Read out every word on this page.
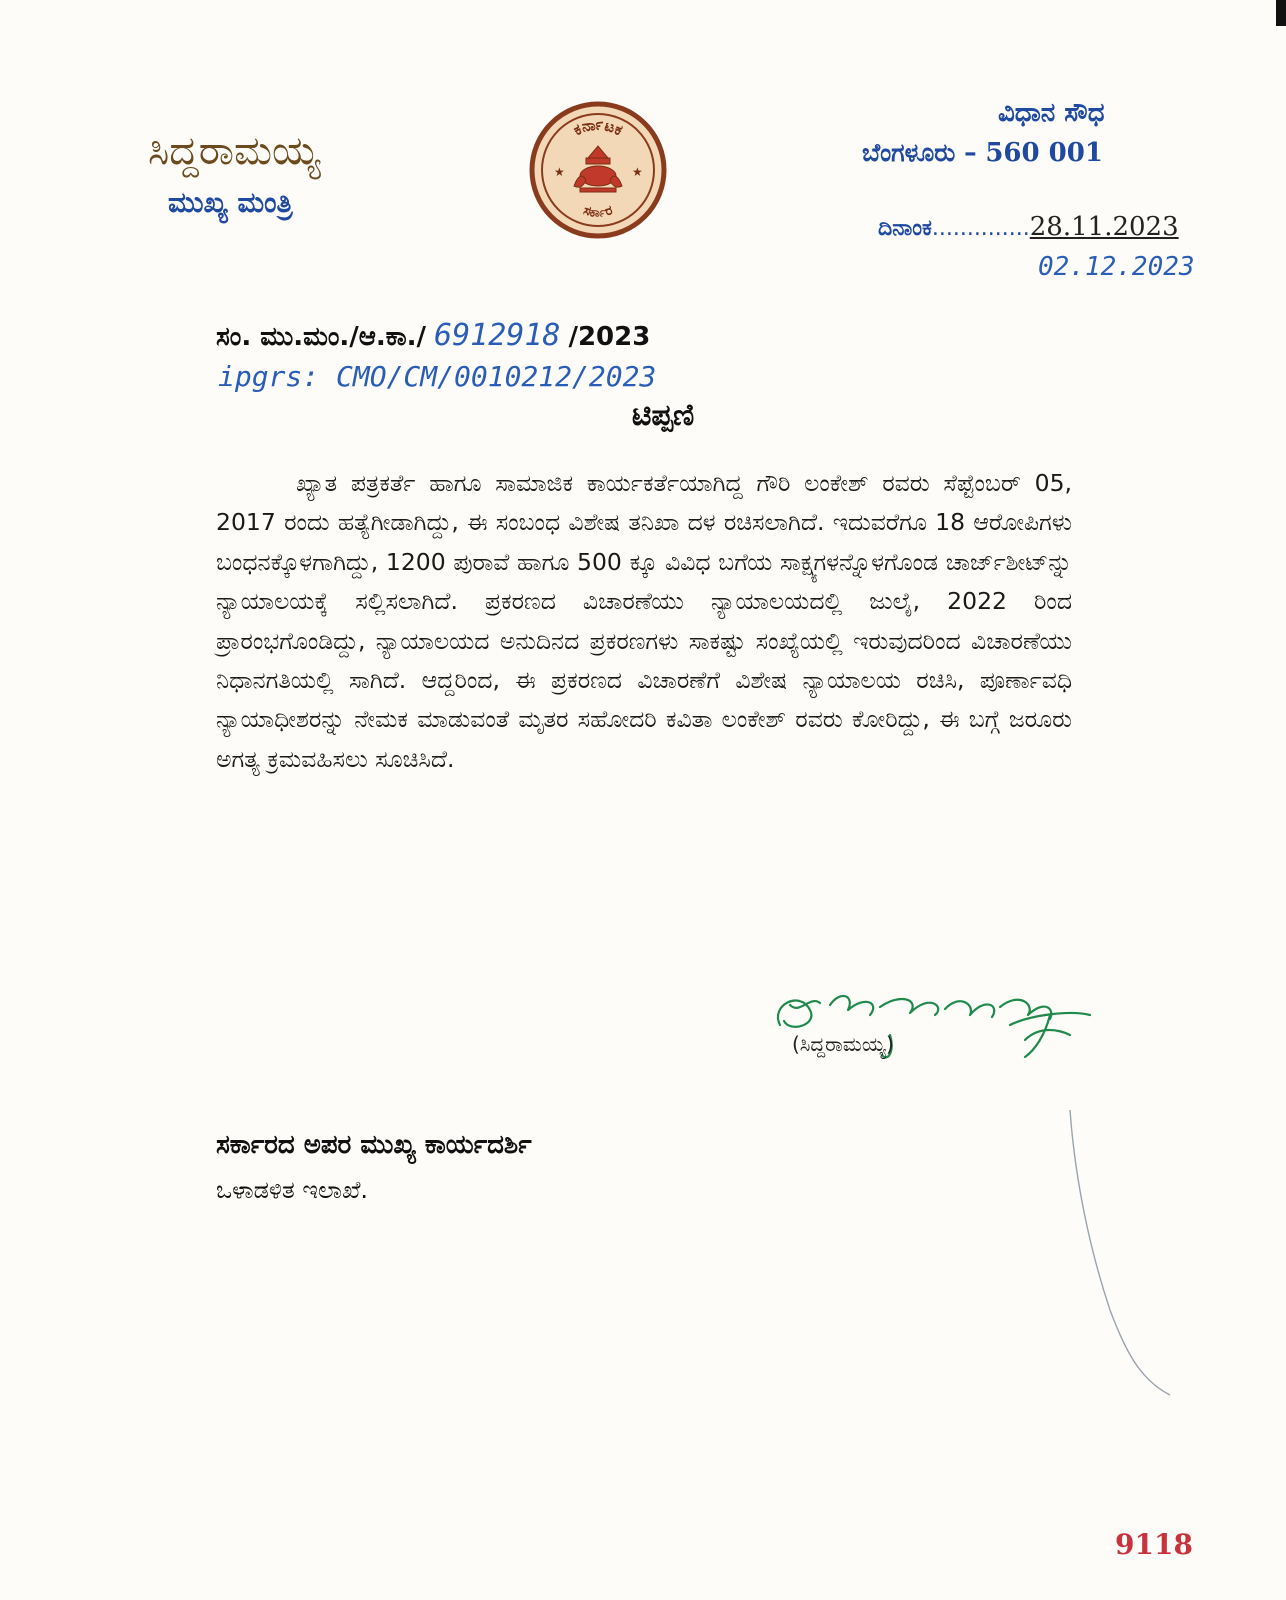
ಸಿದ್ದರಾಮಯ್ಯ
ಮುಖ್ಯ ಮಂತ್ರಿ
ಕರ್ನಾಟಕ
ಸರ್ಕಾರ
★	★
ವಿಧಾನ ಸೌಧ
ಬೆಂಗಳೂರು – 560 001
ದಿನಾಂಕ..............28.11.2023
02.12.2023
ಸಂ. ಮು.ಮಂ./ಆ.ಕಾ./ 6912918 /2023
ipgrs: CMO/CM/0010212/2023
ಟಿಪ್ಪಣಿ
ಖ್ಯಾತ ಪತ್ರಕರ್ತೆ ಹಾಗೂ ಸಾಮಾಜಿಕ ಕಾರ್ಯಕರ್ತೆಯಾಗಿದ್ದ ಗೌರಿ ಲಂಕೇಶ್ ರವರು ಸೆಪ್ಟೆಂಬರ್ 05, 2017 ರಂದು ಹತ್ಯೆಗೀಡಾಗಿದ್ದು, ಈ ಸಂಬಂಧ ವಿಶೇಷ ತನಿಖಾ ದಳ ರಚಿಸಲಾಗಿದೆ. ಇದುವರೆಗೂ 18 ಆರೋಪಿಗಳು ಬಂಧನಕ್ಕೊಳಗಾಗಿದ್ದು, 1200 ಪುರಾವೆ ಹಾಗೂ 500 ಕ್ಕೂ ವಿವಿಧ ಬಗೆಯ ಸಾಕ್ಷ್ಯಗಳನ್ನೊಳಗೊಂಡ ಚಾರ್ಜ್‌ಶೀಟ್‌ನ್ನು ನ್ಯಾಯಾಲಯಕ್ಕೆ ಸಲ್ಲಿಸಲಾಗಿದೆ. ಪ್ರಕರಣದ ವಿಚಾರಣೆಯು ನ್ಯಾಯಾಲಯದಲ್ಲಿ ಜುಲೈ, 2022 ರಿಂದ ಪ್ರಾರಂಭಗೊಂಡಿದ್ದು, ನ್ಯಾಯಾಲಯದ ಅನುದಿನದ ಪ್ರಕರಣಗಳು ಸಾಕಷ್ಟು ಸಂಖ್ಯೆಯಲ್ಲಿ ಇರುವುದರಿಂದ ವಿಚಾರಣೆಯು ನಿಧಾನಗತಿಯಲ್ಲಿ ಸಾಗಿದೆ. ಆದ್ದರಿಂದ, ಈ ಪ್ರಕರಣದ ವಿಚಾರಣೆಗೆ ವಿಶೇಷ ನ್ಯಾಯಾಲಯ ರಚಿಸಿ, ಪೂರ್ಣಾವಧಿ ನ್ಯಾಯಾಧೀಶರನ್ನು ನೇಮಕ ಮಾಡುವಂತೆ ಮೃತರ ಸಹೋದರಿ ಕವಿತಾ ಲಂಕೇಶ್ ರವರು ಕೋರಿದ್ದು, ಈ ಬಗ್ಗೆ ಜರೂರು ಅಗತ್ಯ ಕ್ರಮವಹಿಸಲು ಸೂಚಿಸಿದೆ.
(ಸಿದ್ದರಾಮಯ್ಯ)
ಸರ್ಕಾರದ ಅಪರ ಮುಖ್ಯ ಕಾರ್ಯದರ್ಶಿ
ಒಳಾಡಳಿತ ಇಲಾಖೆ.
9118
